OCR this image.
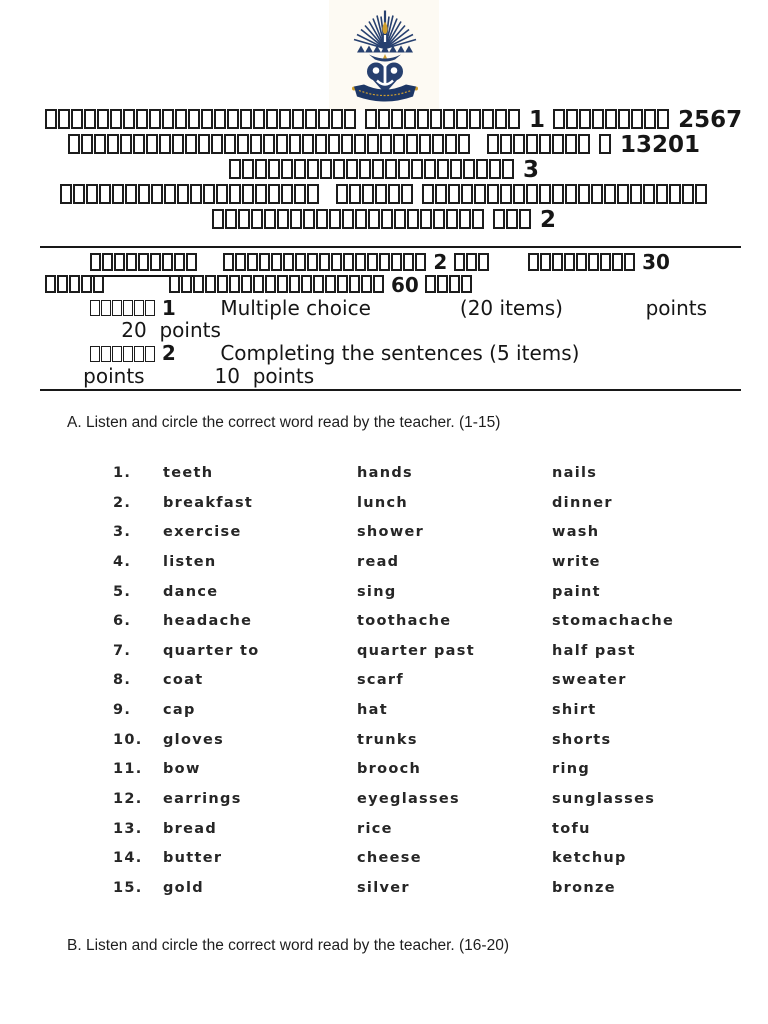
1	2567
13201
3

2
2	30
60
1 Multiple choice	(20 items)	points
20 points
2 Completing the sentences (5 items)
points	10 points
A. Listen and circle the correct word read by the teacher. (1-15)
1. teeth	hands	nails
2. breakfast	lunch	dinner
3. exercise	shower	wash
4. listen	read	write
5. dance	sing	paint
6. headache	toothache	stomachache
7. quarter to	quarter past	half past
8. coat	scarf	sweater
9. cap	hat	shirt
10. gloves	trunks	shorts
11. bow	brooch	ring
12. earrings	eyeglasses	sunglasses
13. bread	rice	tofu
14. butter	cheese	ketchup
15. gold	silver	bronze
B. Listen and circle the correct word read by the teacher. (16-20)
